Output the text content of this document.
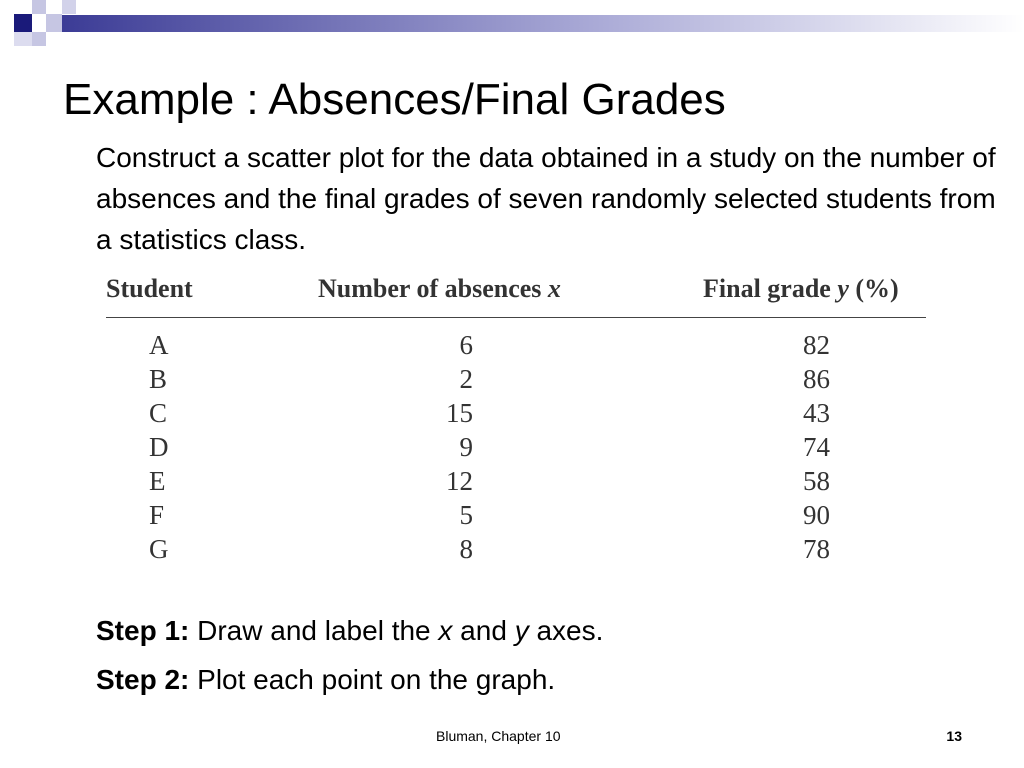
Example : Absences/Final Grades
Construct a scatter plot for the data obtained in a study on the number of absences and the final grades of seven randomly selected students from a statistics class.
Student	Number of absences x	Final grade y (%)
A	6	82
B	2	86
C	15	43
D	9	74
E	12	58
F	5	90
G	8	78
Step 1: Draw and label the x and y axes.
Step 2: Plot each point on the graph.
Bluman, Chapter 10	13
